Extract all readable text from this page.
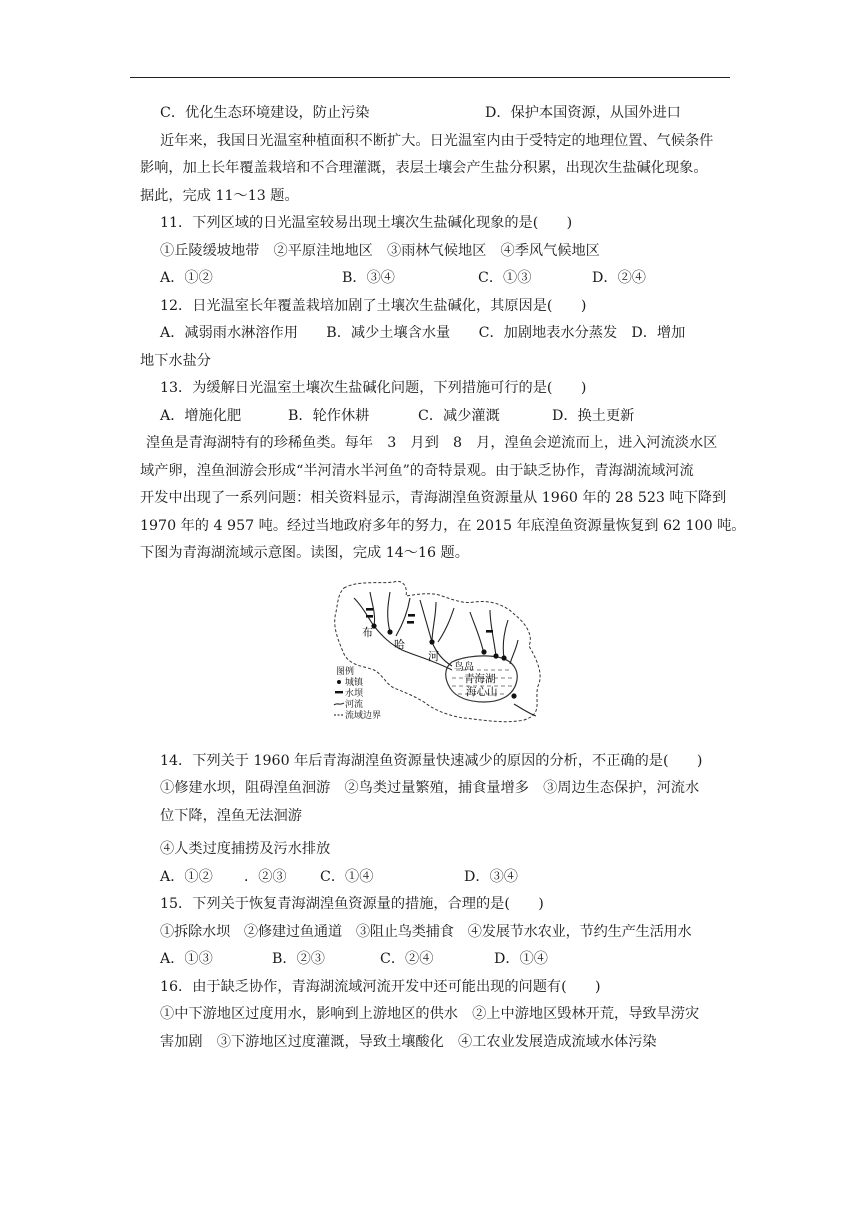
C．优化生态环境建设，防止污染	D．保护本国资源，从国外进口
近年来，我国日光温室种植面积不断扩大。日光温室内由于受特定的地理位置、气候条件
影响，加上长年覆盖栽培和不合理灌溉，表层土壤会产生盐分积累，出现次生盐碱化现象。
据此，完成 11～13 题。
11．下列区域的日光温室较易出现土壤次生盐碱化现象的是(　　)
①丘陵缓坡地带　②平原洼地地区　③雨林气候地区　④季风气候地区
A．①②	B．③④	C．①③	D．②④
12．日光温室长年覆盖栽培加剧了土壤次生盐碱化，其原因是(　　)
A．减弱雨水淋溶作用　　B．减少土壤含水量　　C．加剧地表水分蒸发　D．增加
地下水盐分
13．为缓解日光温室土壤次生盐碱化问题，下列措施可行的是(　　)
A．增施化肥	B．轮作休耕	C．减少灌溉	D．换土更新
湟鱼是青海湖特有的珍稀鱼类。每年　3　月到　8　月，湟鱼会逆流而上，进入河流淡水区
域产卵，湟鱼洄游会形成“半河清水半河鱼”的奇特景观。由于缺乏协作，青海湖流域河流
开发中出现了一系列问题：相关资料显示，青海湖湟鱼资源量从 1960 年的 28 523 吨下降到
1970 年的 4 957 吨。经过当地政府多年的努力，在 2015 年底湟鱼资源量恢复到 62 100 吨。
下图为青海湖流域示意图。读图，完成 14～16 题。
布
哈
河
鸟岛
青海湖
海心山
图例
城镇
水坝
河流
流域边界
14．下列关于 1960 年后青海湖湟鱼资源量快速减少的原因的分析，不正确的是(　　)
①修建水坝，阻碍湟鱼洄游　②鸟类过量繁殖，捕食量增多　③周边生态保护，河流水
位下降，湟鱼无法洄游
④人类过度捕捞及污水排放
A．①② ．②③ C．①④	D．③④
15．下列关于恢复青海湖湟鱼资源量的措施，合理的是(　　)
①拆除水坝　②修建过鱼通道　③阻止鸟类捕食　④发展节水农业，节约生产生活用水
A．①③	B．②③	C．②④	D．①④
16．由于缺乏协作，青海湖流域河流开发中还可能出现的问题有(　　)
①中下游地区过度用水，影响到上游地区的供水　②上中游地区毁林开荒，导致旱涝灾
害加剧　③下游地区过度灌溉，导致土壤酸化　④工农业发展造成流域水体污染
